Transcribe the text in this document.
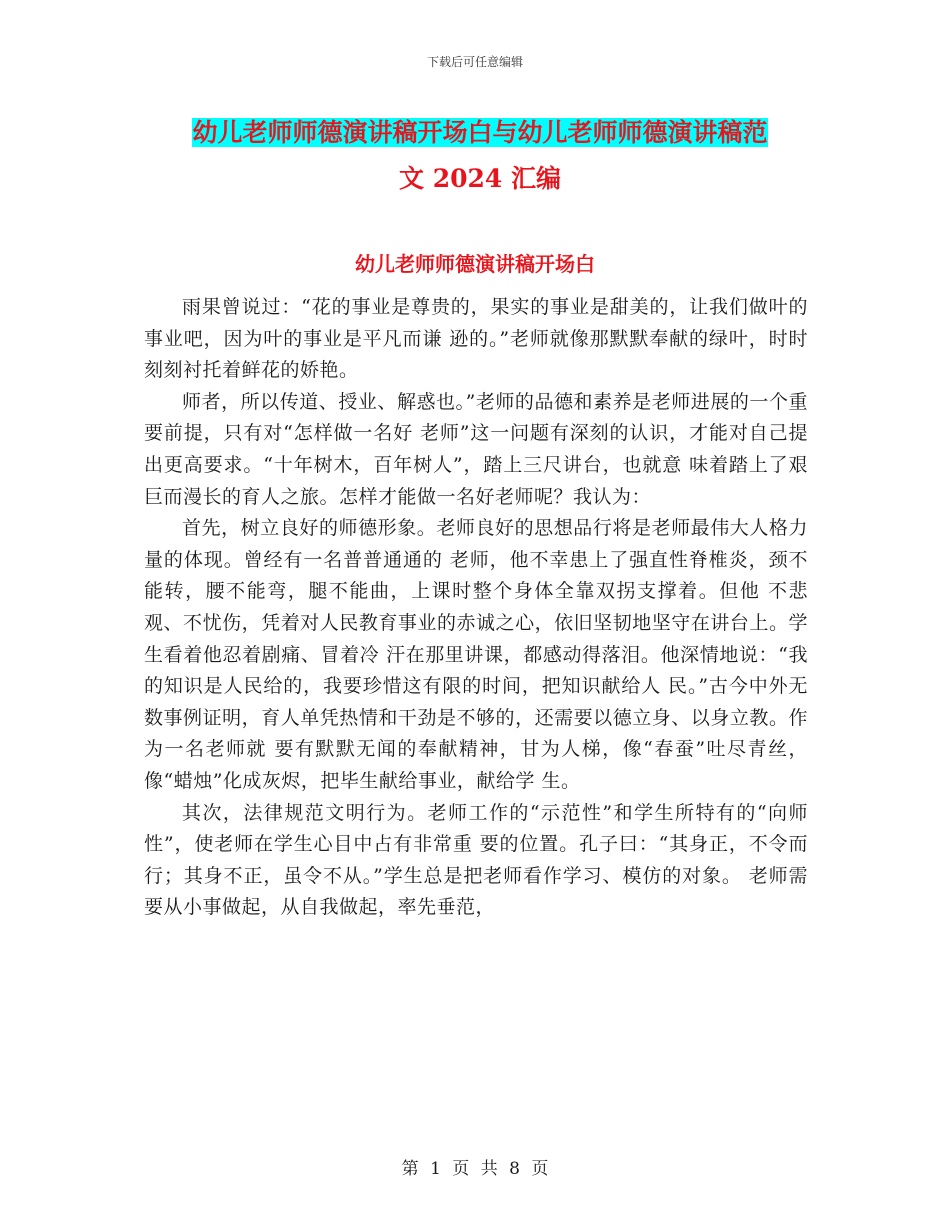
下载后可任意编辑
幼儿老师师德演讲稿开场白与幼儿老师师德演讲稿范
文 2024 汇编
幼儿老师师德演讲稿开场白

雨果曾说过：“花的事业是尊贵的，果实的事业是甜美的，让我们做叶的事业吧，因为叶的事业是平凡而谦 逊的。”老师就像那默默奉献的绿叶，时时刻刻衬托着鲜花的娇艳。

师者，所以传道、授业、解惑也。”老师的品德和素养是老师进展的一个重要前提，只有对“怎样做一名好 老师”这一问题有深刻的认识，才能对自己提出更高要求。“十年树木，百年树人”，踏上三尺讲台，也就意 味着踏上了艰巨而漫长的育人之旅。怎样才能做一名好老师呢？我认为：

首先，树立良好的师德形象。老师良好的思想品行将是老师最伟大人格力量的体现。曾经有一名普普通通的 老师，他不幸患上了强直性脊椎炎，颈不能转，腰不能弯，腿不能曲，上课时整个身体全靠双拐支撑着。但他 不悲观、不忧伤，凭着对人民教育事业的赤诚之心，依旧坚韧地坚守在讲台上。学生看着他忍着剧痛、冒着冷 汗在那里讲课，都感动得落泪。他深情地说：“我的知识是人民给的，我要珍惜这有限的时间，把知识献给人 民。”古今中外无数事例证明，育人单凭热情和干劲是不够的，还需要以德立身、以身立教。作为一名老师就 要有默默无闻的奉献精神，甘为人梯，像“春蚕”吐尽青丝，像“蜡烛”化成灰烬，把毕生献给事业，献给学 生。

其次，法律规范文明行为。老师工作的“示范性”和学生所特有的“向师性”，使老师在学生心目中占有非常重 要的位置。孔子曰：“其身正，不令而行；其身不正，虽令不从。”学生总是把老师看作学习、模仿的对象。 老师需要从小事做起，从自我做起，率先垂范，

第 1 页 共 8 页
